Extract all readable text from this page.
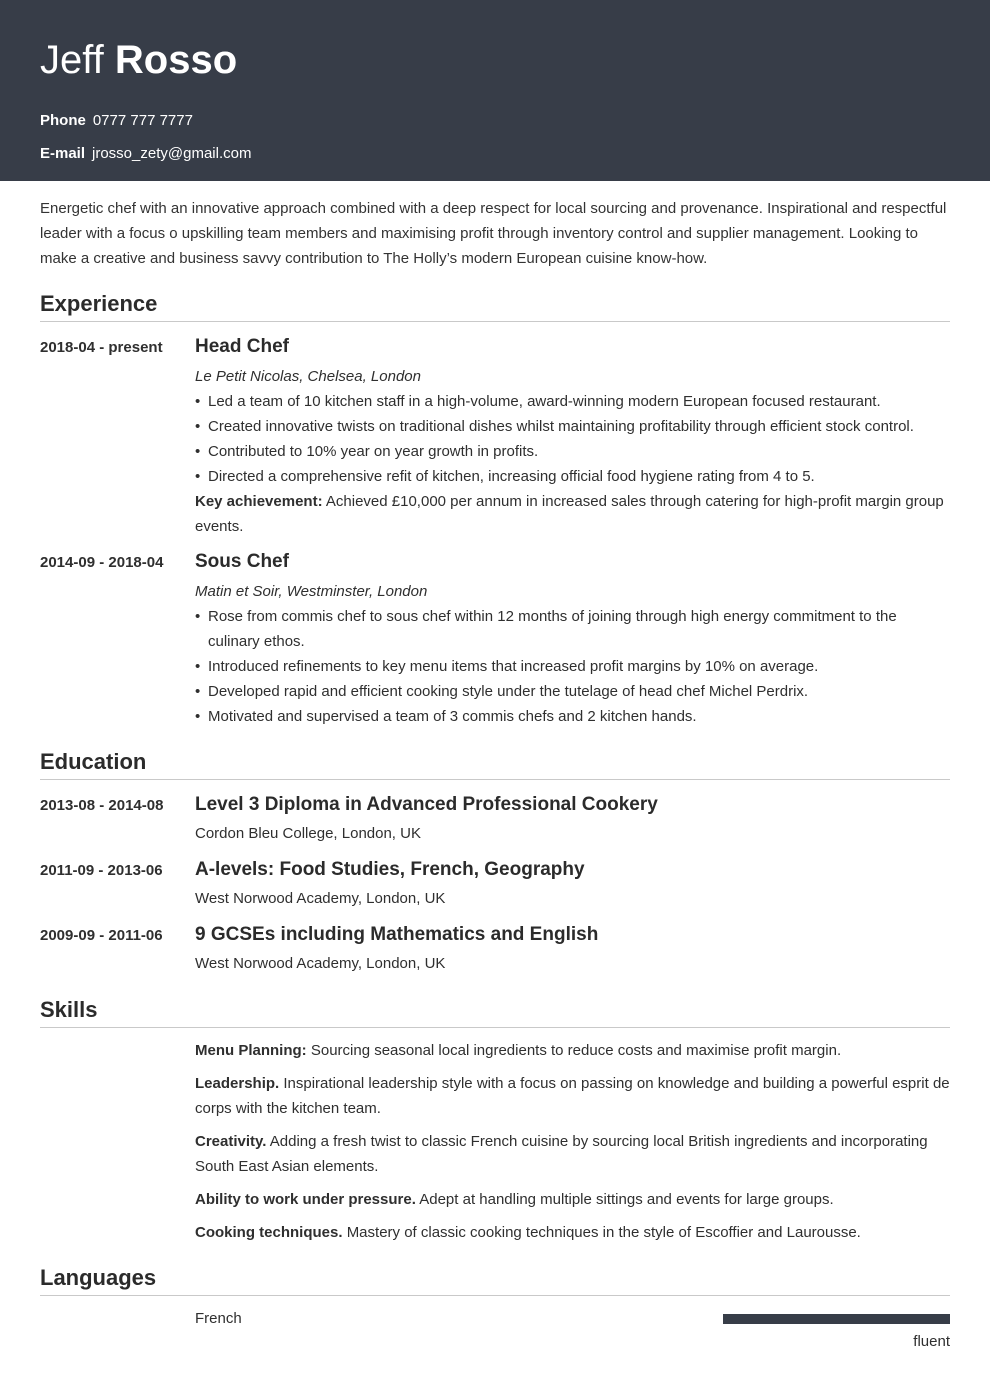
Jeff Rosso
Phone 0777 777 7777
E-mail jrosso_zety@gmail.com

Energetic chef with an innovative approach combined with a deep respect for local sourcing and provenance. Inspirational and respectful leader with a focus o upskilling team members and maximising profit through inventory control and supplier management. Looking to make a creative and business savvy contribution to The Holly’s modern European cuisine know-how.

Experience
2018-04 - present Head Chef
Le Petit Nicolas, Chelsea, London
• Led a team of 10 kitchen staff in a high-volume, award-winning modern European focused restaurant.
• Created innovative twists on traditional dishes whilst maintaining profitability through efficient stock control.
• Contributed to 10% year on year growth in profits.
• Directed a comprehensive refit of kitchen, increasing official food hygiene rating from 4 to 5.
Key achievement: Achieved £10,000 per annum in increased sales through catering for high-profit margin group events.
2014-09 - 2018-04 Sous Chef
Matin et Soir, Westminster, London
• Rose from commis chef to sous chef within 12 months of joining through high energy commitment to the culinary ethos.
• Introduced refinements to key menu items that increased profit margins by 10% on average.
• Developed rapid and efficient cooking style under the tutelage of head chef Michel Perdrix.
• Motivated and supervised a team of 3 commis chefs and 2 kitchen hands.
Education
2013-08 - 2014-08 Level 3 Diploma in Advanced Professional Cookery
Cordon Bleu College, London, UK
2011-09 - 2013-06 A-levels: Food Studies, French, Geography
West Norwood Academy, London, UK
2009-09 - 2011-06 9 GCSEs including Mathematics and English
West Norwood Academy, London, UK
Skills
Menu Planning: Sourcing seasonal local ingredients to reduce costs and maximise profit margin.
Leadership. Inspirational leadership style with a focus on passing on knowledge and building a powerful esprit de corps with the kitchen team.
Creativity. Adding a fresh twist to classic French cuisine by sourcing local British ingredients and incorporating South East Asian elements.
Ability to work under pressure. Adept at handling multiple sittings and events for large groups.
Cooking techniques. Mastery of classic cooking techniques in the style of Escoffier and Laurousse.
Languages
French
fluent
